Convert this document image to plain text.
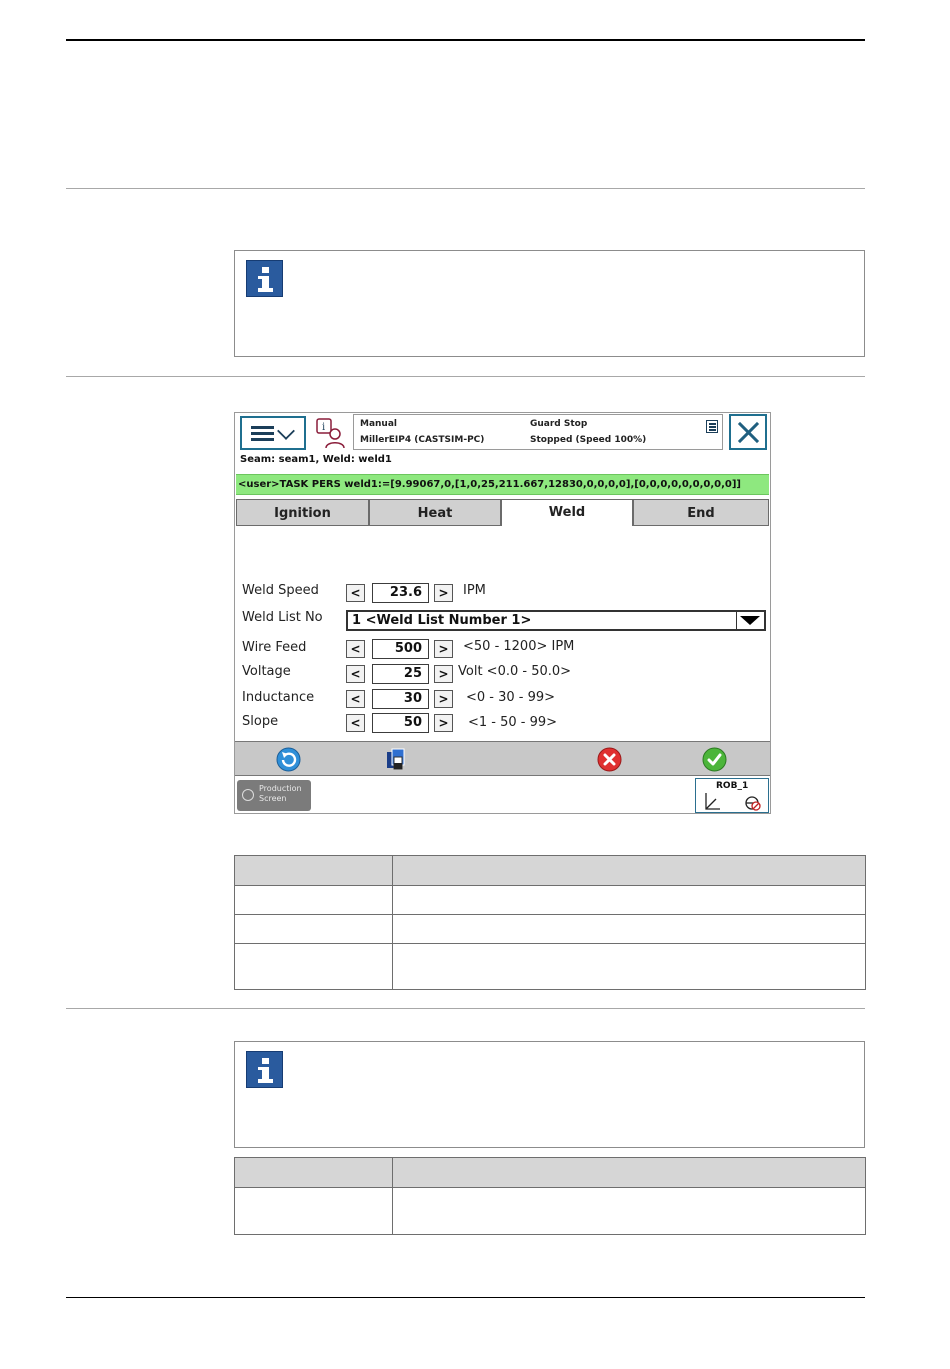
i	Manual
MillerEIP4 (CASTSIM-PC)
Guard Stop
Stopped (Speed 100%)
Seam: seam1, Weld: weld1
<user>TASK PERS weld1:=[9.99067,0,[1,0,25,211.667,12830,0,0,0,0],[0,0,0,0,0,0,0,0,0]]
Ignition	Heat	Weld	End
Weld Speed	<	23.6	>	IPM
Weld List No	1 <Weld List Number 1>
Wire Feed	<	500	>	<50 - 1200> IPM
Voltage	<	25	> Volt <0.0 - 50.0>
Inductance	<	30	>	<0 - 30 - 99>
Slope	<	50	>	<1 - 50 - 99>
Production
Screen
ROB_1
